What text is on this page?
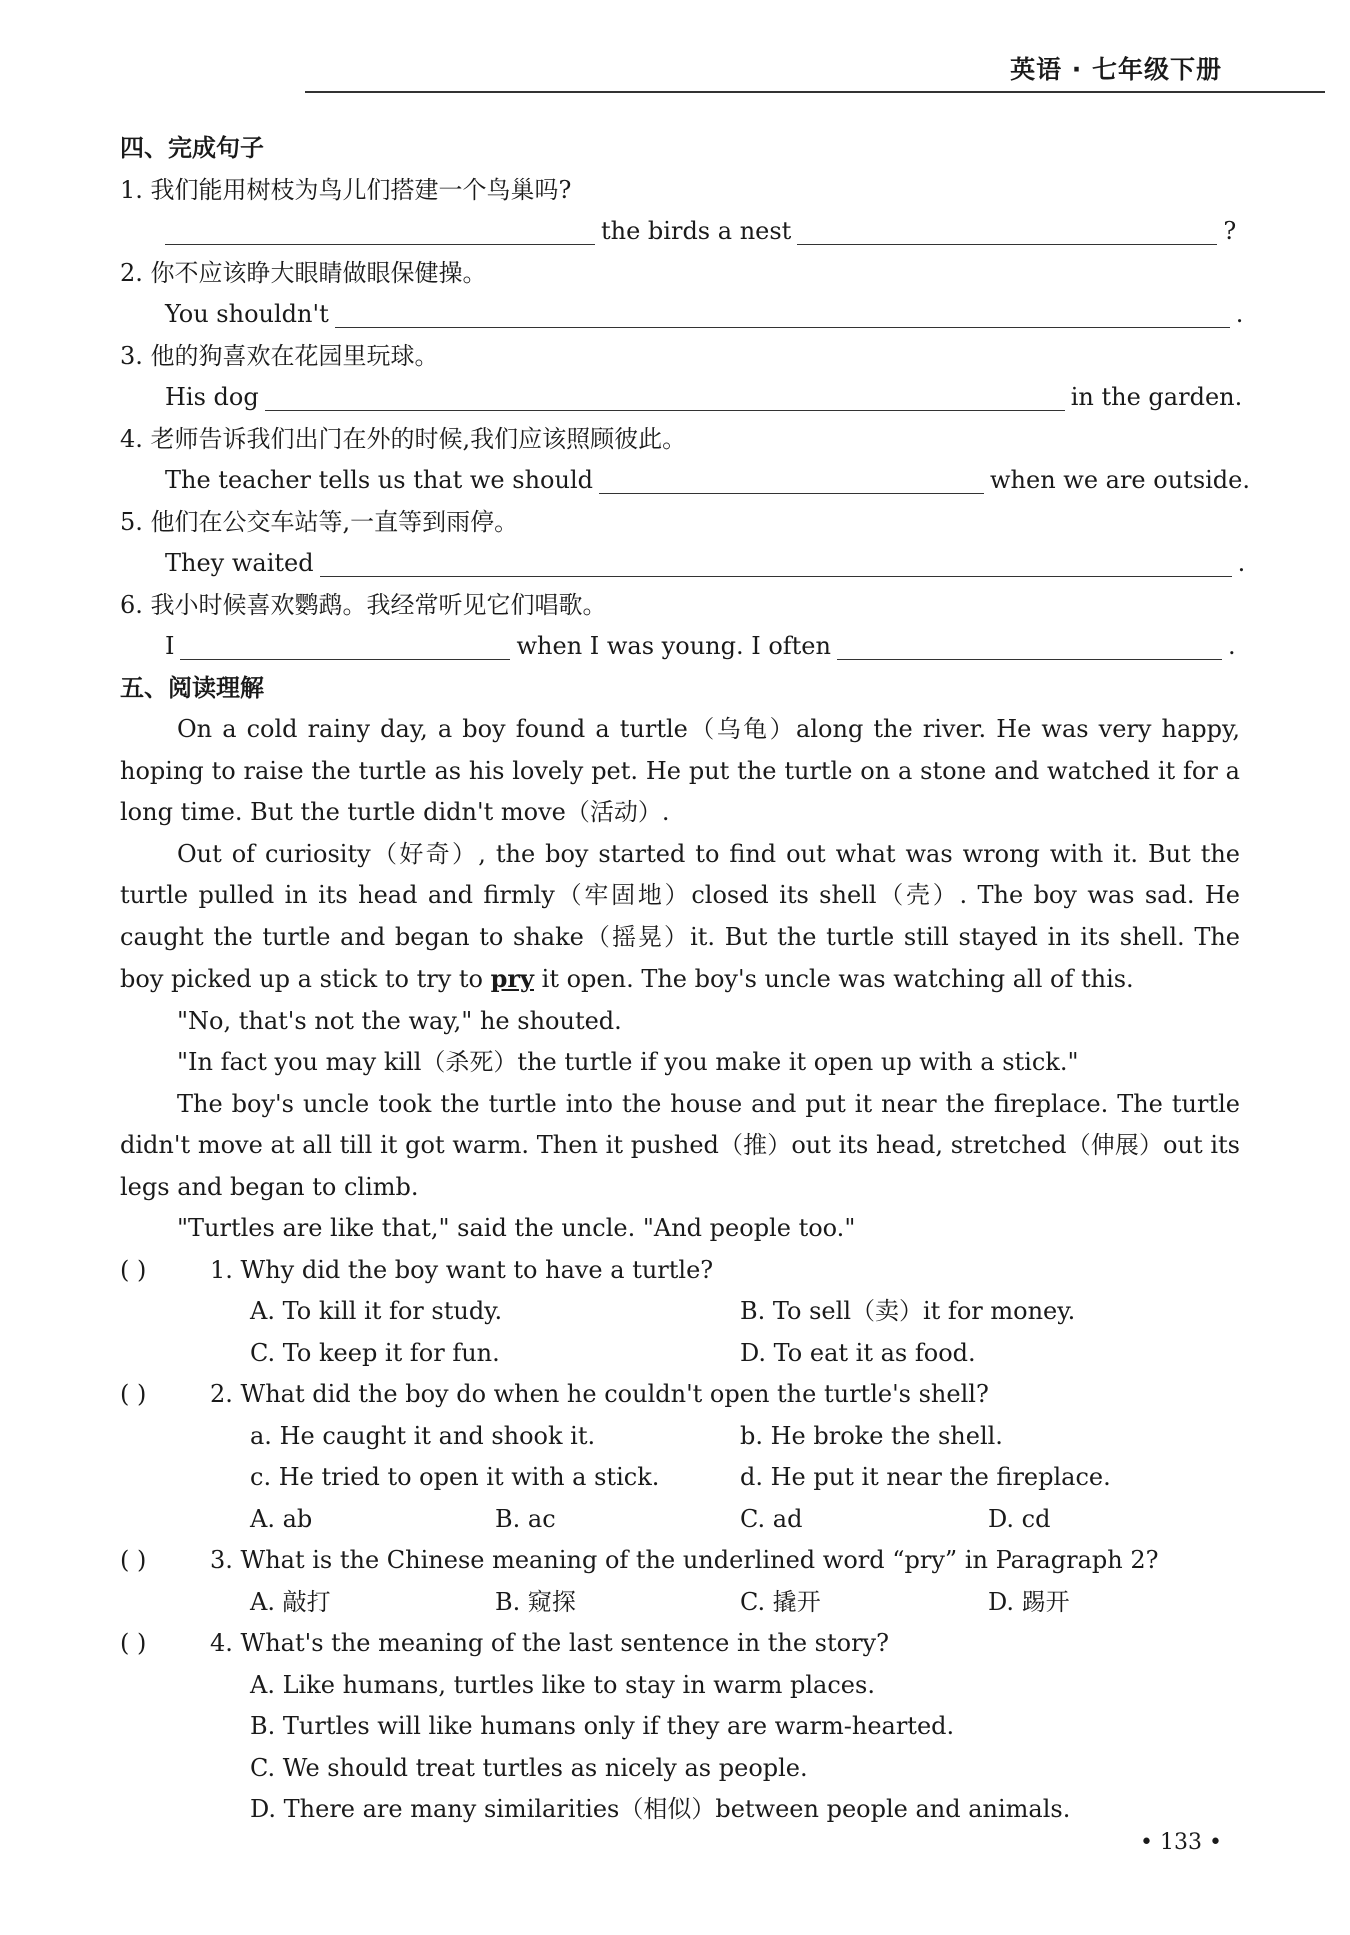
英语 · 七年级下册
四、完成句子
1. 我们能用树枝为鸟儿们搭建一个鸟巢吗?
the birds a nest	?
2. 你不应该睁大眼睛做眼保健操。
You shouldn't	.
3. 他的狗喜欢在花园里玩球。
His dog	in the garden.
4. 老师告诉我们出门在外的时候,我们应该照顾彼此。
The teacher tells us that we should	when we are outside.
5. 他们在公交车站等,一直等到雨停。
They waited	.
6. 我小时候喜欢鹦鹉。我经常听见它们唱歌。
I	when I was young. I often	.
五、阅读理解
On a cold rainy day, a boy found a turtle（乌龟）along the river. He was very happy, hoping to raise the turtle as his lovely pet. He put the turtle on a stone and watched it for a long time. But the turtle didn't move（活动）.
Out of curiosity（好奇）, the boy started to find out what was wrong with it. But the turtle pulled in its head and firmly（牢固地）closed its shell（壳）. The boy was sad. He caught the turtle and began to shake（摇晃）it. But the turtle still stayed in its shell. The boy picked up a stick to try to pry it open. The boy's uncle was watching all of this.
"No, that's not the way," he shouted.
"In fact you may kill（杀死）the turtle if you make it open up with a stick."
The boy's uncle took the turtle into the house and put it near the fireplace. The turtle didn't move at all till it got warm. Then it pushed（推）out its head, stretched（伸展）out its legs and began to climb.
"Turtles are like that," said the uncle. "And people too."
( )	1. Why did the boy want to have a turtle?
A. To kill it for study.	B. To sell（卖）it for money.
C. To keep it for fun.	D. To eat it as food.
( )	2. What did the boy do when he couldn't open the turtle's shell?
a. He caught it and shook it.	b. He broke the shell.
c. He tried to open it with a stick.	d. He put it near the fireplace.
A. ab	B. ac	C. ad	D. cd
( )	3. What is the Chinese meaning of the underlined word “pry” in Paragraph 2?
A. 敲打	B. 窥探	C. 撬开	D. 踢开
( )	4. What's the meaning of the last sentence in the story?
A. Like humans, turtles like to stay in warm places.
B. Turtles will like humans only if they are warm-hearted.
C. We should treat turtles as nicely as people.
D. There are many similarities（相似）between people and animals.
• 133 •
